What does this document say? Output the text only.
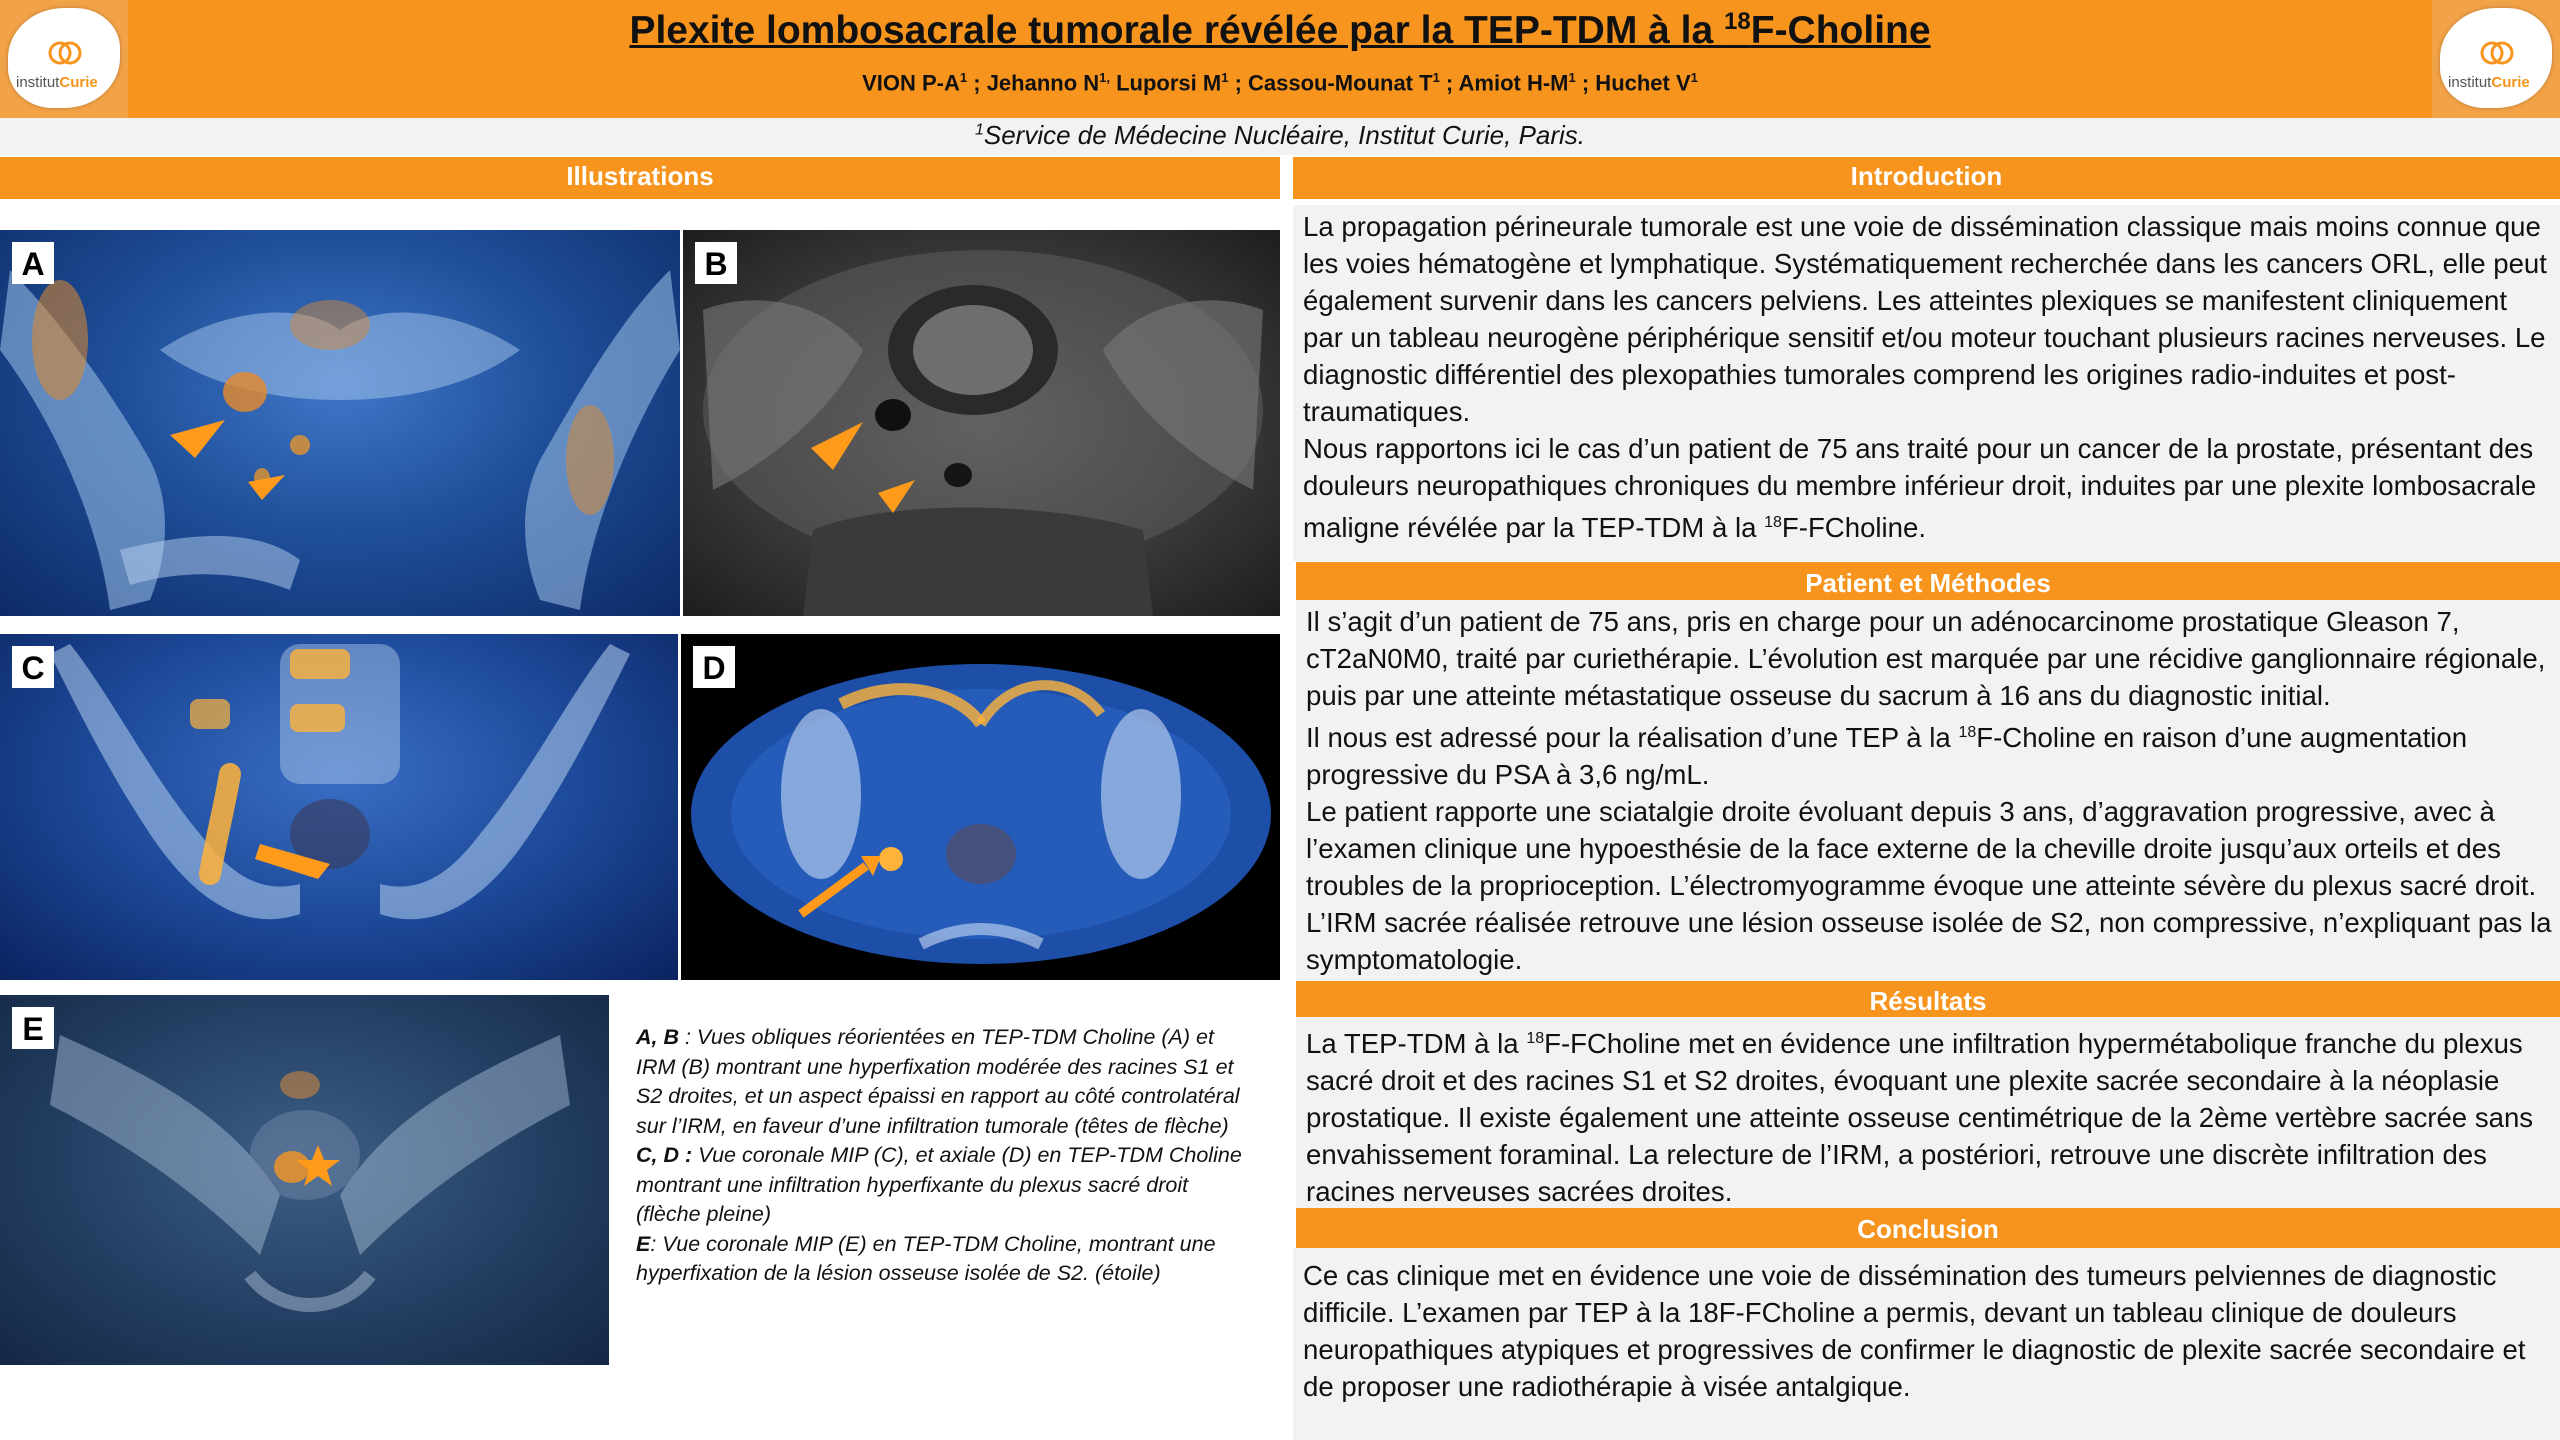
institutCurie	institutCurie
Plexite lombosacrale tumorale révélée par la TEP-TDM à la $^{18}$F-Choline
VION $P-A^1$ ; Jehanno $N^{1,}$ Luporsi $M^1$ ; Cassou-Mounat $T^1$ ; Amiot $H-M^1$ ; Huchet $V^1$
$^1$Service de Médecine Nucléaire, Institut Curie, Paris.
Illustrations	Introduction
Patient et Méthodes
Résultats
Conclusion

La propagation périneurale tumorale est une voie de dissémination classique mais moins connue que les voies hématogène et lymphatique. Systématiquement recherchée dans les cancers ORL, elle peut également survenir dans les cancers pelviens. Les atteintes plexiques se manifestent cliniquement par un tableau neurogène périphérique sensitif et/ou moteur touchant plusieurs racines nerveuses. Le diagnostic différentiel des plexopathies tumorales comprend les origines radio-induites et post-traumatiques.

Nous rapportons ici le cas d’un patient de 75 ans traité pour un cancer de la prostate, présentant des douleurs neuropathiques chroniques du membre inférieur droit, induites par une plexite lombosacrale maligne révélée par la TEP-TDM à la $^{18}$F-FCholine.

Il s’agit d’un patient de 75 ans, pris en charge pour un adénocarcinome prostatique Gleason 7, cT2aN0M0, traité par curiethérapie. L’évolution est marquée par une récidive ganglionnaire régionale, puis par une atteinte métastatique osseuse du sacrum à 16 ans du diagnostic initial.

Il nous est adressé pour la réalisation d’une TEP à la $^{18}$F-Choline en raison d’une augmentation progressive du PSA à 3,6 ng/mL.

Le patient rapporte une sciatalgie droite évoluant depuis 3 ans, d’aggravation progressive, avec à l’examen clinique une hypoesthésie de la face externe de la cheville droite jusqu’aux orteils et des troubles de la proprioception. L’électromyogramme évoque une atteinte sévère du plexus sacré droit. L’IRM sacrée réalisée retrouve une lésion osseuse isolée de S2, non compressive, n’expliquant pas la symptomatologie.

La TEP-TDM à la $^{18}$F-FCholine met en évidence une infiltration hypermétabolique franche du plexus sacré droit et des racines S1 et S2 droites, évoquant une plexite sacrée secondaire à la néoplasie prostatique. Il existe également une atteinte osseuse centimétrique de la 2ème vertèbre sacrée sans envahissement foraminal. La relecture de l’IRM, a postériori, retrouve une discrète infiltration des racines nerveuses sacrées droites.

Ce cas clinique met en évidence une voie de dissémination des tumeurs pelviennes de diagnostic difficile. L’examen par TEP à la 18F-FCholine a permis, devant un tableau clinique de douleurs neuropathiques atypiques et progressives de confirmer le diagnostic de plexite sacrée secondaire et de proposer une radiothérapie à visée antalgique.

A	B
C	D
E	A, B : Vues obliques réorientées en TEP-TDM Choline (A) et IRM (B) montrant une hyperfixation modérée des racines S1 et S2 droites, et un aspect épaissi en rapport au côté controlatéral sur l’IRM, en faveur d’une infiltration tumorale (têtes de flèche)
C, D : Vue coronale MIP (C), et axiale (D) en TEP-TDM Choline montrant une infiltration hyperfixante du plexus sacré droit (flèche pleine)
E: Vue coronale MIP (E) en TEP-TDM Choline, montrant une hyperfixation de la lésion osseuse isolée de S2. (étoile)
